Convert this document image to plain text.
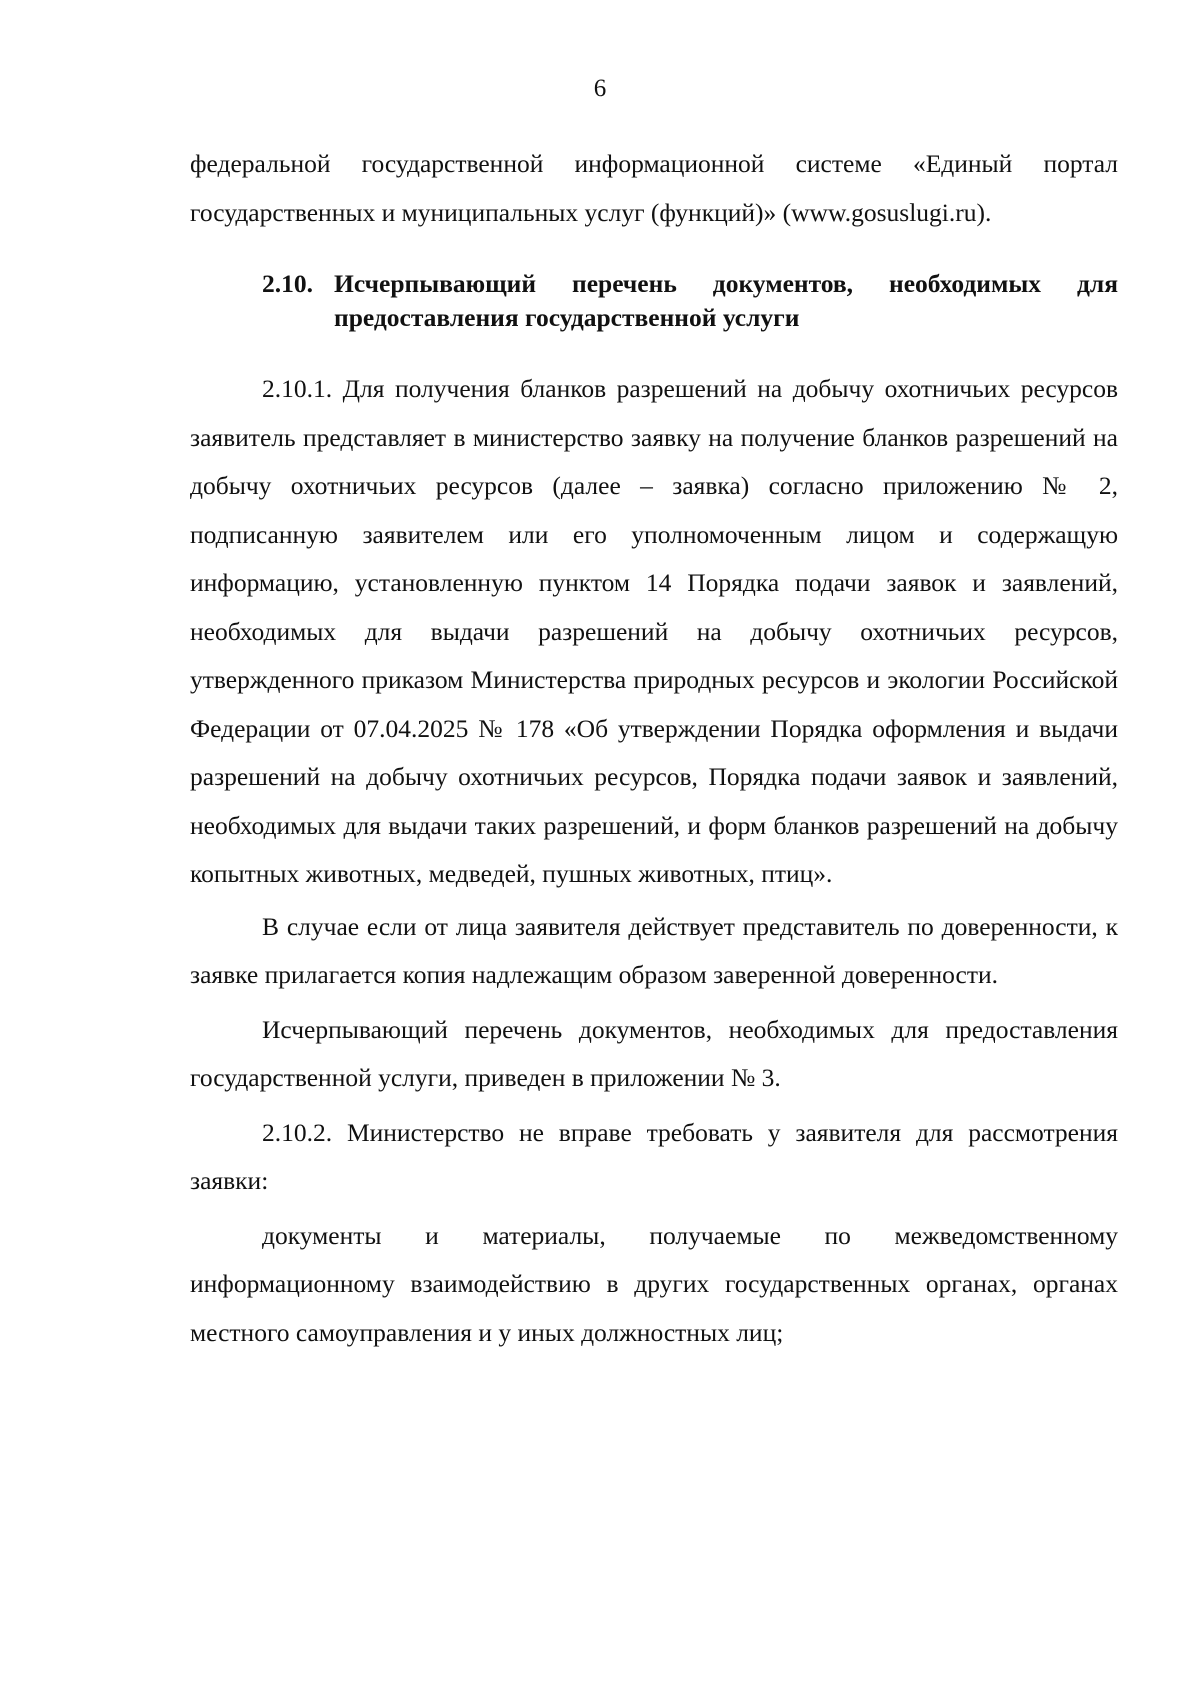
6

федеральной государственной информационной системе «Единый портал государственных и муниципальных услуг (функций)» (www.gosuslugi.ru).

2.10. Исчерпывающий перечень документов, необходимых для предоставления государственной услуги

2.10.1. Для получения бланков разрешений на добычу охотничьих ресурсов заявитель представляет в министерство заявку на получение бланков разрешений на добычу охотничьих ресурсов (далее – заявка) согласно приложению № 2, подписанную заявителем или его уполномоченным лицом и содержащую информацию, установленную пунктом 14 Порядка подачи заявок и заявлений, необходимых для выдачи разрешений на добычу охотничьих ресурсов, утвержденного приказом Министерства природных ресурсов и экологии Российской Федерации от 07.04.2025 № 178 «Об утверждении Порядка оформления и выдачи разрешений на добычу охотничьих ресурсов, Порядка подачи заявок и заявлений, необходимых для выдачи таких разрешений, и форм бланков разрешений на добычу копытных животных, медведей, пушных животных, птиц».

В случае если от лица заявителя действует представитель по доверенности, к заявке прилагается копия надлежащим образом заверенной доверенности.

Исчерпывающий перечень документов, необходимых для предоставления государственной услуги, приведен в приложении № 3.

2.10.2. Министерство не вправе требовать у заявителя для рассмотрения заявки:

документы и материалы, получаемые по межведомственному информационному взаимодействию в других государственных органах, органах местного самоуправления и у иных должностных лиц;
